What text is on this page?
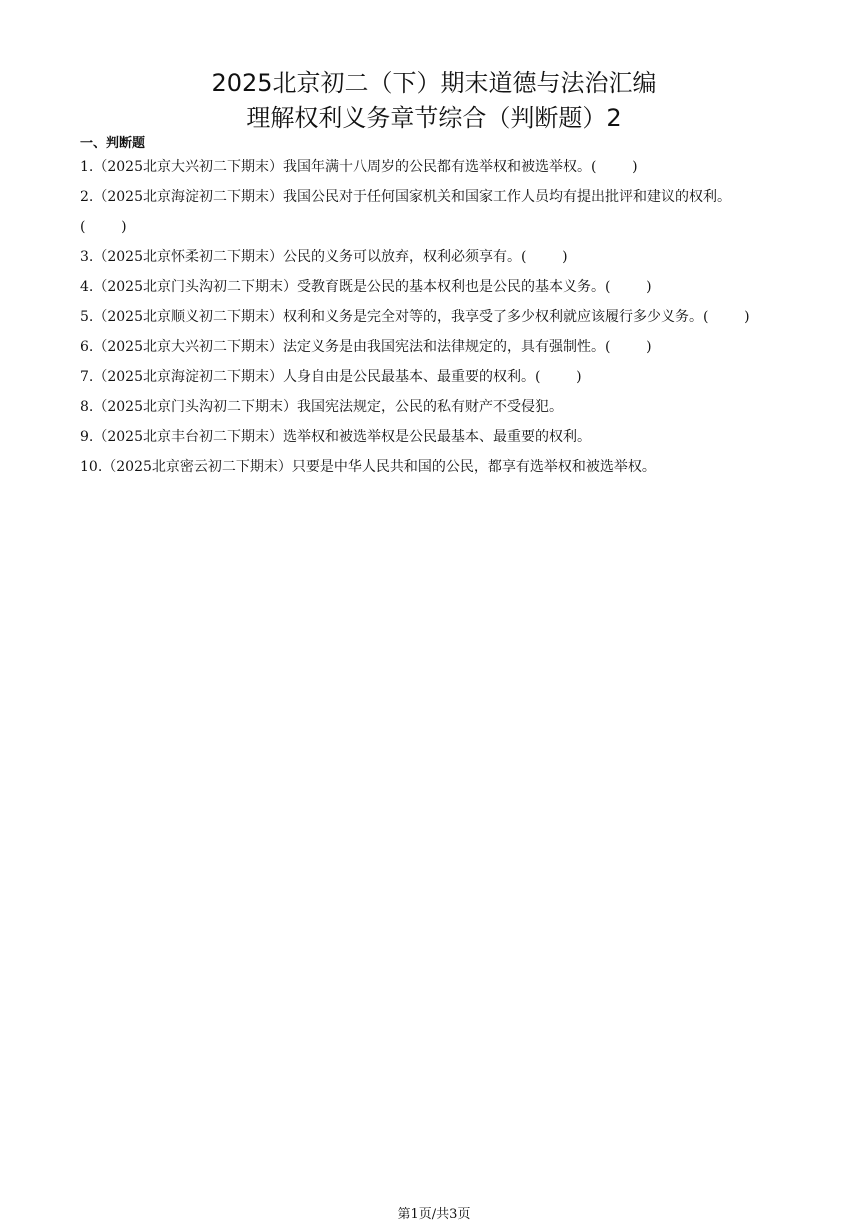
2025北京初二（下）期末道德与法治汇编
理解权利义务章节综合（判断题）2
一、判断题
1.（2025北京大兴初二下期末）我国年满十八周岁的公民都有选举权和被选举权。(        )
2.（2025北京海淀初二下期末）我国公民对于任何国家机关和国家工作人员均有提出批评和建议的权利。
(        )
3.（2025北京怀柔初二下期末）公民的义务可以放弃，权利必须享有。(        )
4.（2025北京门头沟初二下期末）受教育既是公民的基本权利也是公民的基本义务。(        )
5.（2025北京顺义初二下期末）权利和义务是完全对等的，我享受了多少权利就应该履行多少义务。(        )
6.（2025北京大兴初二下期末）法定义务是由我国宪法和法律规定的，具有强制性。(        )
7.（2025北京海淀初二下期末）人身自由是公民最基本、最重要的权利。(        )
8.（2025北京门头沟初二下期末）我国宪法规定，公民的私有财产不受侵犯。
9.（2025北京丰台初二下期末）选举权和被选举权是公民最基本、最重要的权利。
10.（2025北京密云初二下期末）只要是中华人民共和国的公民，都享有选举权和被选举权。
第1页/共3页
